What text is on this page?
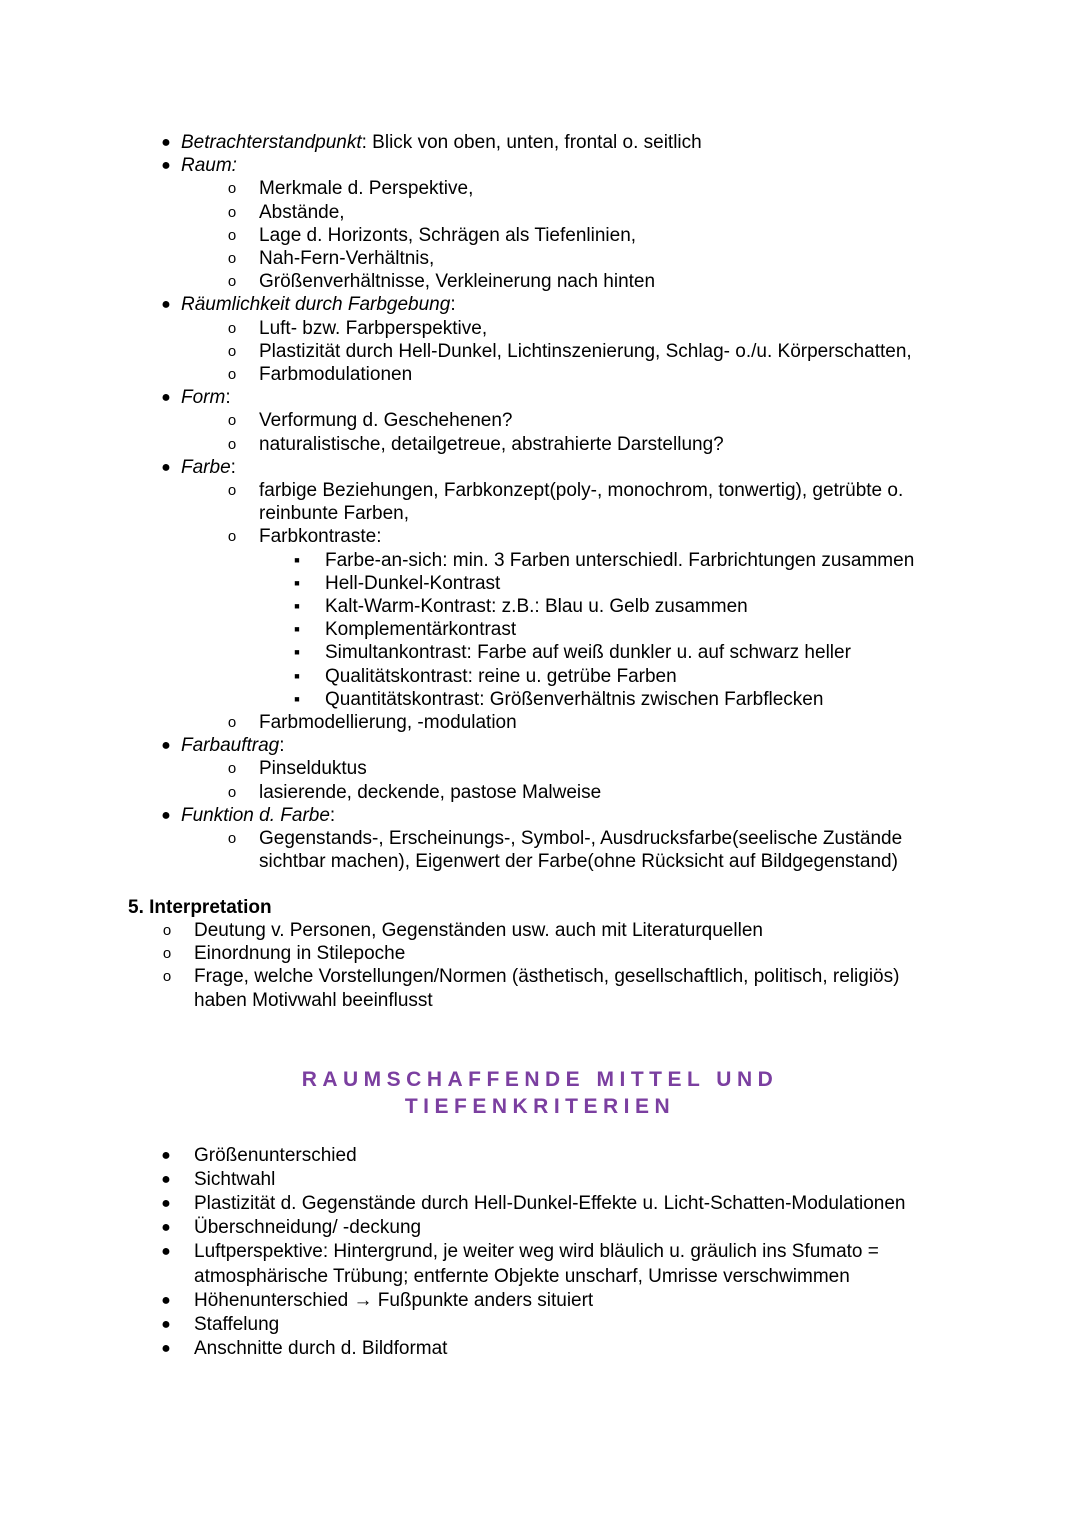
● Betrachterstandpunkt: Blick von oben, unten, frontal o. seitlich
● Raum:
o Merkmale d. Perspektive,
o Abstände,
o Lage d. Horizonts, Schrägen als Tiefenlinien,
o Nah-Fern-Verhältnis,
o Größenverhältnisse, Verkleinerung nach hinten
● Räumlichkeit durch Farbgebung:
o Luft- bzw. Farbperspektive,
o Plastizität durch Hell-Dunkel, Lichtinszenierung, Schlag- o./u. Körperschatten,
o Farbmodulationen
● Form:
o Verformung d. Geschehenen?
o naturalistische, detailgetreue, abstrahierte Darstellung?
● Farbe:
o farbige Beziehungen, Farbkonzept(poly-, monochrom, tonwertig), getrübte o.
reinbunte Farben,
o Farbkontraste:
■ Farbe-an-sich: min. 3 Farben unterschiedl. Farbrichtungen zusammen
■ Hell-Dunkel-Kontrast
■ Kalt-Warm-Kontrast: z.B.: Blau u. Gelb zusammen
■ Komplementärkontrast
■ Simultankontrast: Farbe auf weiß dunkler u. auf schwarz heller
■ Qualitätskontrast: reine u. getrübe Farben
■ Quantitätskontrast: Größenverhältnis zwischen Farbflecken
o Farbmodellierung, -modulation
● Farbauftrag:
o Pinselduktus
o lasierende, deckende, pastose Malweise
● Funktion d. Farbe:
o Gegenstands-, Erscheinungs-, Symbol-, Ausdrucksfarbe(seelische Zustände
sichtbar machen), Eigenwert der Farbe(ohne Rücksicht auf Bildgegenstand)
5. Interpretation
o Deutung v. Personen, Gegenständen usw. auch mit Literaturquellen
o Einordnung in Stilepoche
o Frage, welche Vorstellungen/Normen (ästhetisch, gesellschaftlich, politisch, religiös)
haben Motivwahl beeinflusst
RAUMSCHAFFENDE MITTEL UND
TIEFENKRITERIEN
● Größenunterschied
● Sichtwahl
● Plastizität d. Gegenstände durch Hell-Dunkel-Effekte u. Licht-Schatten-Modulationen
● Überschneidung/ -deckung
● Luftperspektive: Hintergrund, je weiter weg wird bläulich u. gräulich ins Sfumato =
atmosphärische Trübung; entfernte Objekte unscharf, Umrisse verschwimmen
● Höhenunterschied → Fußpunkte anders situiert
● Staffelung
● Anschnitte durch d. Bildformat
